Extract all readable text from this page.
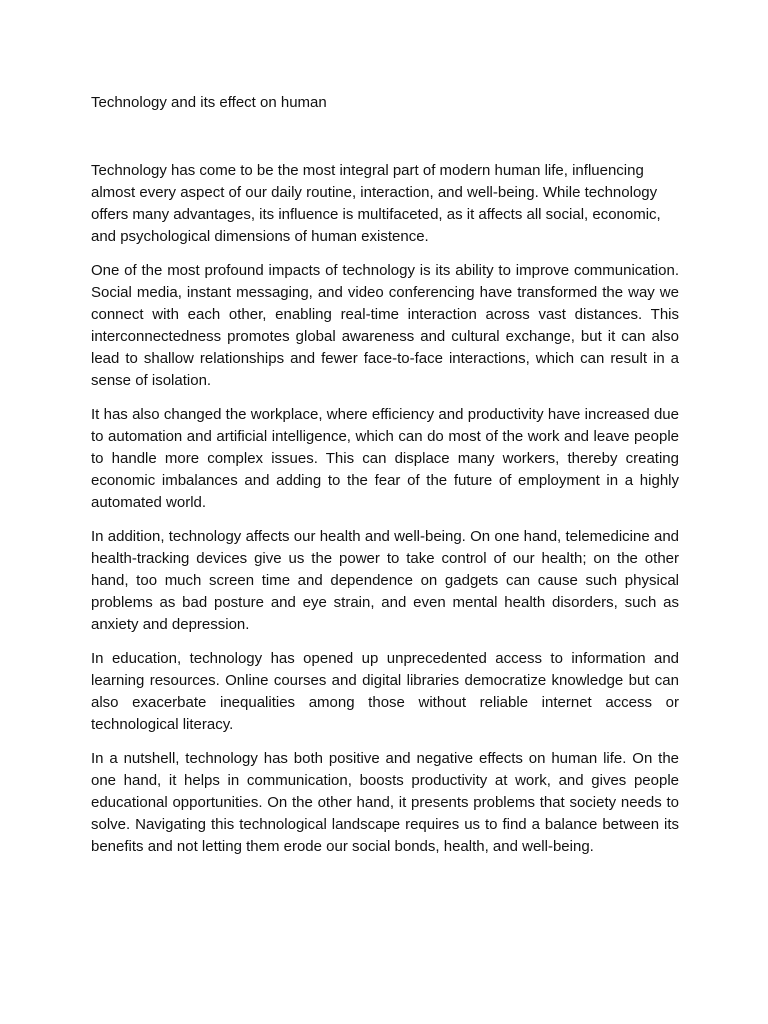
Technology and its effect on human

Technology has come to be the most integral part of modern human life, influencing almost every aspect of our daily routine, interaction, and well-being. While technology offers many advantages, its influence is multifaceted, as it affects all social, economic, and psychological dimensions of human existence.

One of the most profound impacts of technology is its ability to improve communication. Social media, instant messaging, and video conferencing have transformed the way we connect with each other, enabling real-time interaction across vast distances. This interconnectedness promotes global awareness and cultural exchange, but it can also lead to shallow relationships and fewer face-to-face interactions, which can result in a sense of isolation.

It has also changed the workplace, where efficiency and productivity have increased due to automation and artificial intelligence, which can do most of the work and leave people to handle more complex issues. This can displace many workers, thereby creating economic imbalances and adding to the fear of the future of employment in a highly automated world.

In addition, technology affects our health and well-being. On one hand, telemedicine and health-tracking devices give us the power to take control of our health; on the other hand, too much screen time and dependence on gadgets can cause such physical problems as bad posture and eye strain, and even mental health disorders, such as anxiety and depression.

In education, technology has opened up unprecedented access to information and learning resources. Online courses and digital libraries democratize knowledge but can also exacerbate inequalities among those without reliable internet access or technological literacy.

In a nutshell, technology has both positive and negative effects on human life. On the one hand, it helps in communication, boosts productivity at work, and gives people educational opportunities. On the other hand, it presents problems that society needs to solve. Navigating this technological landscape requires us to find a balance between its benefits and not letting them erode our social bonds, health, and well-being.
